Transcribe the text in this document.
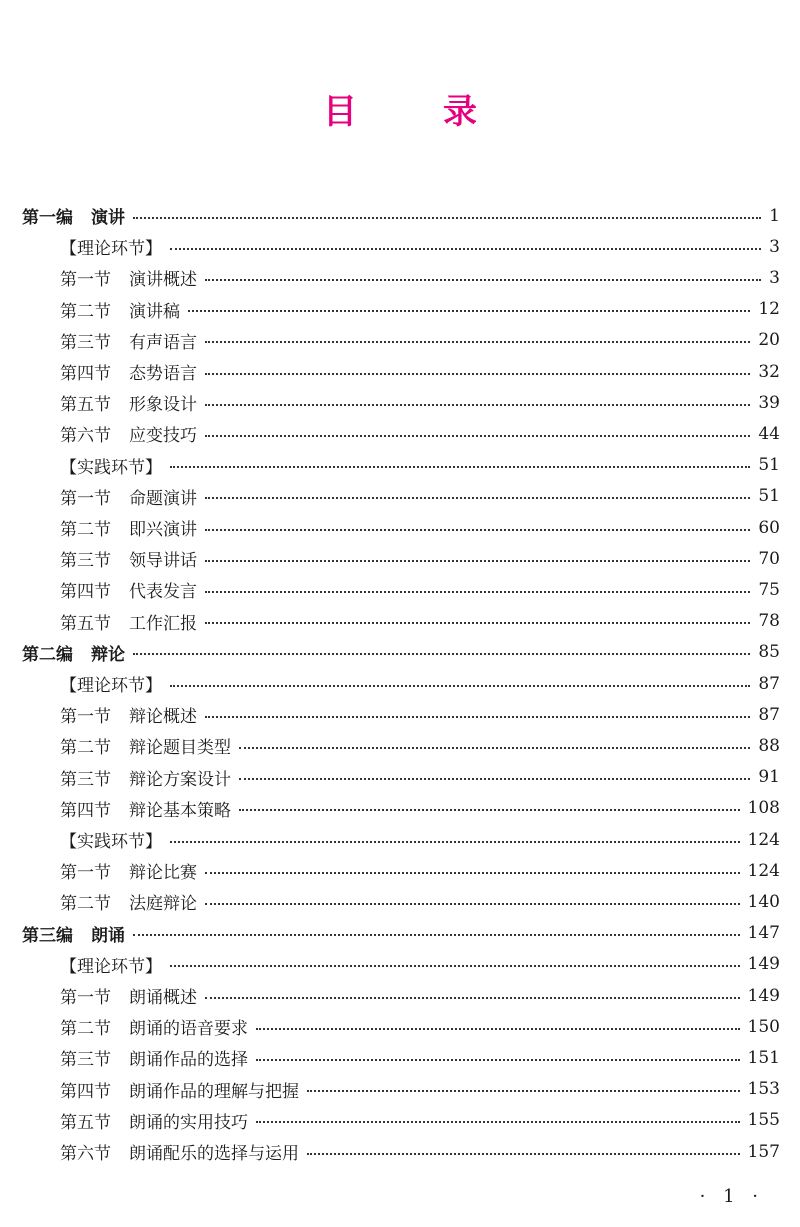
目录
第一编 演讲	1
【理论环节】	3
第一节 演讲概述	3
第二节 演讲稿	12
第三节 有声语言	20
第四节 态势语言	32
第五节 形象设计	39
第六节 应变技巧	44
【实践环节】	51
第一节 命题演讲	51
第二节 即兴演讲	60
第三节 领导讲话	70
第四节 代表发言	75
第五节 工作汇报	78
第二编 辩论	85
【理论环节】	87
第一节 辩论概述	87
第二节 辩论题目类型	88
第三节 辩论方案设计	91
第四节 辩论基本策略	108
【实践环节】	124
第一节 辩论比赛	124
第二节 法庭辩论	140
第三编 朗诵	147
【理论环节】	149
第一节 朗诵概述	149
第二节 朗诵的语音要求	150
第三节 朗诵作品的选择	151
第四节 朗诵作品的理解与把握	153
第五节 朗诵的实用技巧	155
第六节 朗诵配乐的选择与运用	157
· 1 ·
